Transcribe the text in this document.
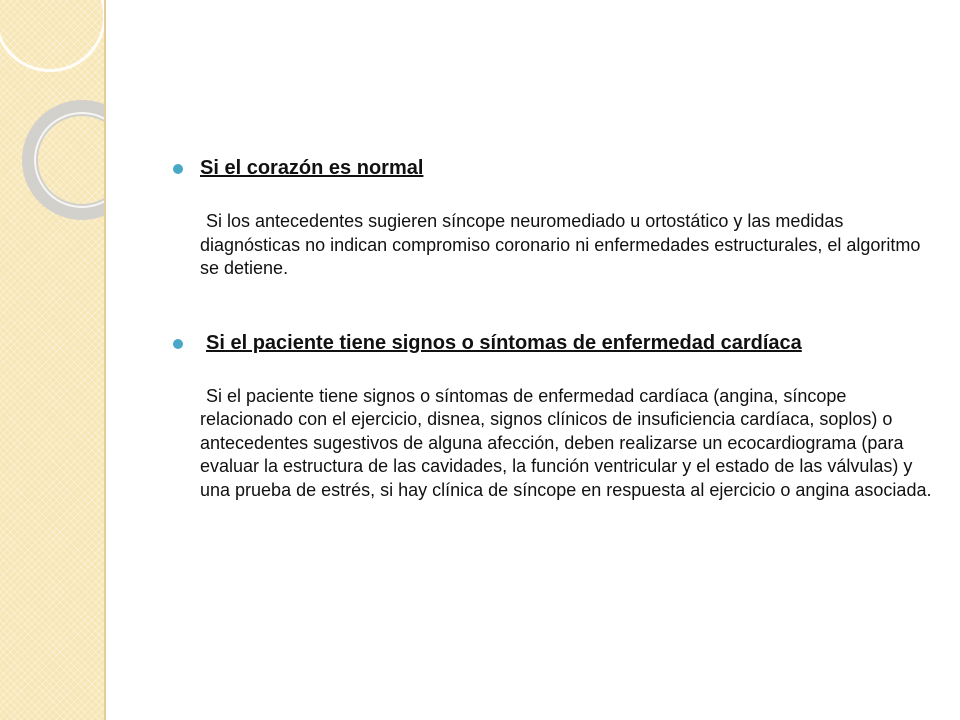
Si el corazón es normal

Si los antecedentes sugieren síncope neuromediado u ortostático y las medidas diagnósticas no indican compromiso coronario ni enfermedades estructurales, el algoritmo se detiene.

Si el paciente tiene signos o síntomas de enfermedad cardíaca

Si el paciente tiene signos o síntomas de enfermedad cardíaca (angina, síncope relacionado con el ejercicio, disnea, signos clínicos de insuficiencia cardíaca, soplos) o antecedentes sugestivos de alguna afección, deben realizarse un ecocardiograma (para evaluar la estructura de las cavidades, la función ventricular y el estado de las válvulas) y una prueba de estrés, si hay clínica de síncope en respuesta al ejercicio o angina asociada.
